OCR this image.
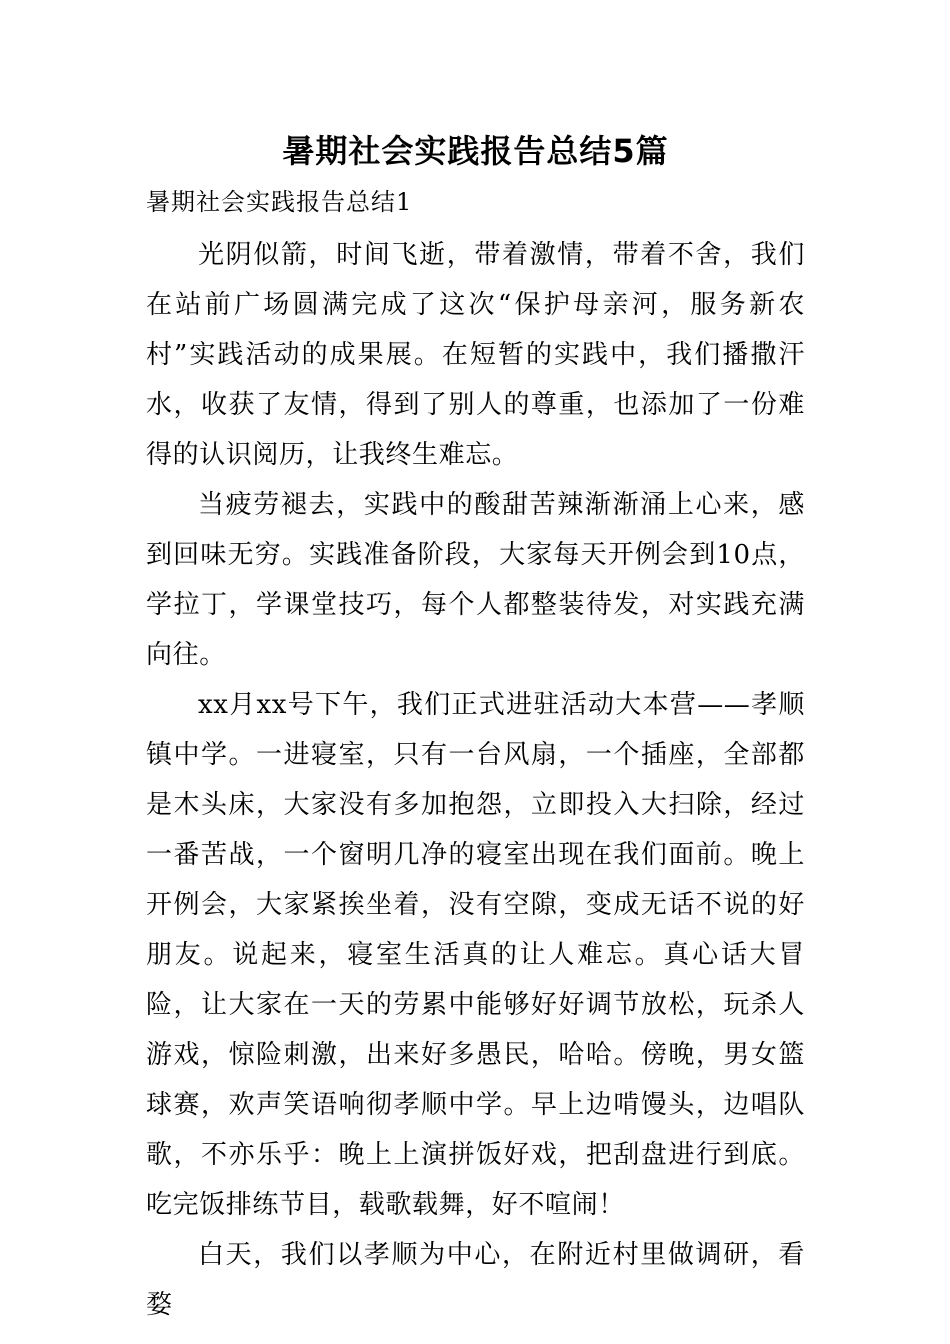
暑期社会实践报告总结5篇
暑期社会实践报告总结1

光阴似箭，时间飞逝，带着激情，带着不舍，我们在站前广场圆满完成了这次“保护母亲河，服务新农村”实践活动的成果展。在短暂的实践中，我们播撒汗水，收获了友情，得到了别人的尊重，也添加了一份难得的认识阅历，让我终生难忘。

当疲劳褪去，实践中的酸甜苦辣渐渐涌上心来，感到回味无穷。实践准备阶段，大家每天开例会到10点，学拉丁，学课堂技巧，每个人都整装待发，对实践充满向往。

xx月xx号下午，我们正式进驻活动大本营——孝顺镇中学。一进寝室，只有一台风扇，一个插座，全部都是木头床，大家没有多加抱怨，立即投入大扫除，经过一番苦战，一个窗明几净的寝室出现在我们面前。晚上开例会，大家紧挨坐着，没有空隙，变成无话不说的好朋友。说起来，寝室生活真的让人难忘。真心话大冒险，让大家在一天的劳累中能够好好调节放松，玩杀人游戏，惊险刺激，出来好多愚民，哈哈。傍晚，男女篮球赛，欢声笑语响彻孝顺中学。早上边啃馒头，边唱队歌，不亦乐乎：晚上上演拼饭好戏，把刮盘进行到底。吃完饭排练节目，载歌载舞，好不喧闹！

白天，我们以孝顺为中心，在附近村里做调研，看婺
